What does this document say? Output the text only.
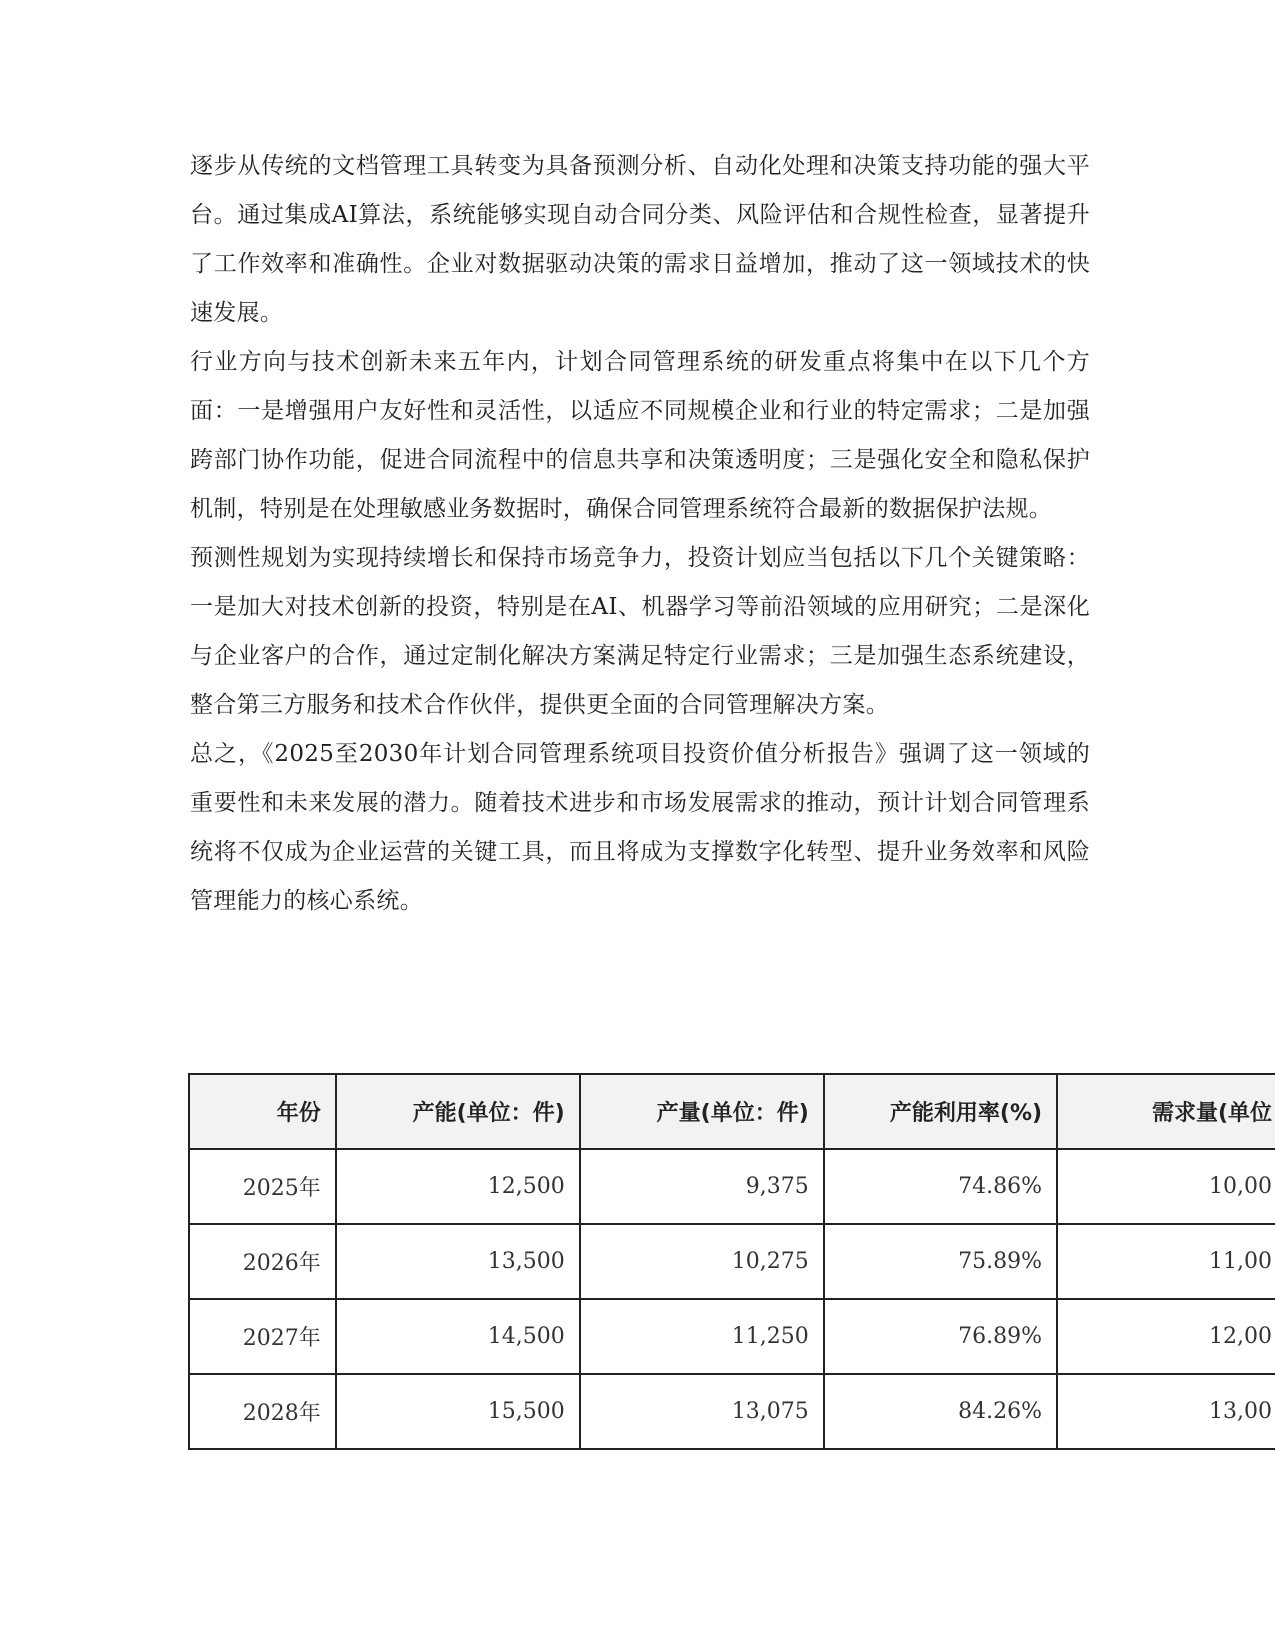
逐步从传统的文档管理工具转变为具备预测分析、自动化处理和决策支持功能的强大平台。通过集成AI算法，系统能够实现自动合同分类、风险评估和合规性检查，显著提升了工作效率和准确性。企业对数据驱动决策的需求日益增加，推动了这一领域技术的快速发展。

行业方向与技术创新未来五年内，计划合同管理系统的研发重点将集中在以下几个方面：一是增强用户友好性和灵活性，以适应不同规模企业和行业的特定需求；二是加强跨部门协作功能，促进合同流程中的信息共享和决策透明度；三是强化安全和隐私保护机制，特别是在处理敏感业务数据时，确保合同管理系统符合最新的数据保护法规。

预测性规划为实现持续增长和保持市场竞争力，投资计划应当包括以下几个关键策略：一是加大对技术创新的投资，特别是在AI、机器学习等前沿领域的应用研究；二是深化与企业客户的合作，通过定制化解决方案满足特定行业需求；三是加强生态系统建设，整合第三方服务和技术合作伙伴，提供更全面的合同管理解决方案。

总之，《2025至2030年计划合同管理系统项目投资价值分析报告》强调了这一领域的重要性和未来发展的潜力。随着技术进步和市场发展需求的推动，预计计划合同管理系统将不仅成为企业运营的关键工具，而且将成为支撑数字化转型、提升业务效率和风险管理能力的核心系统。

年份	产能(单位：件)	产量(单位：件)	产能利用率(%)	需求量(单位
2025年	12,500	9,375	74.86%	10,00
2026年	13,500	10,275	75.89%	11,00
2027年	14,500	11,250	76.89%	12,00
2028年	15,500	13,075	84.26%	13,00
